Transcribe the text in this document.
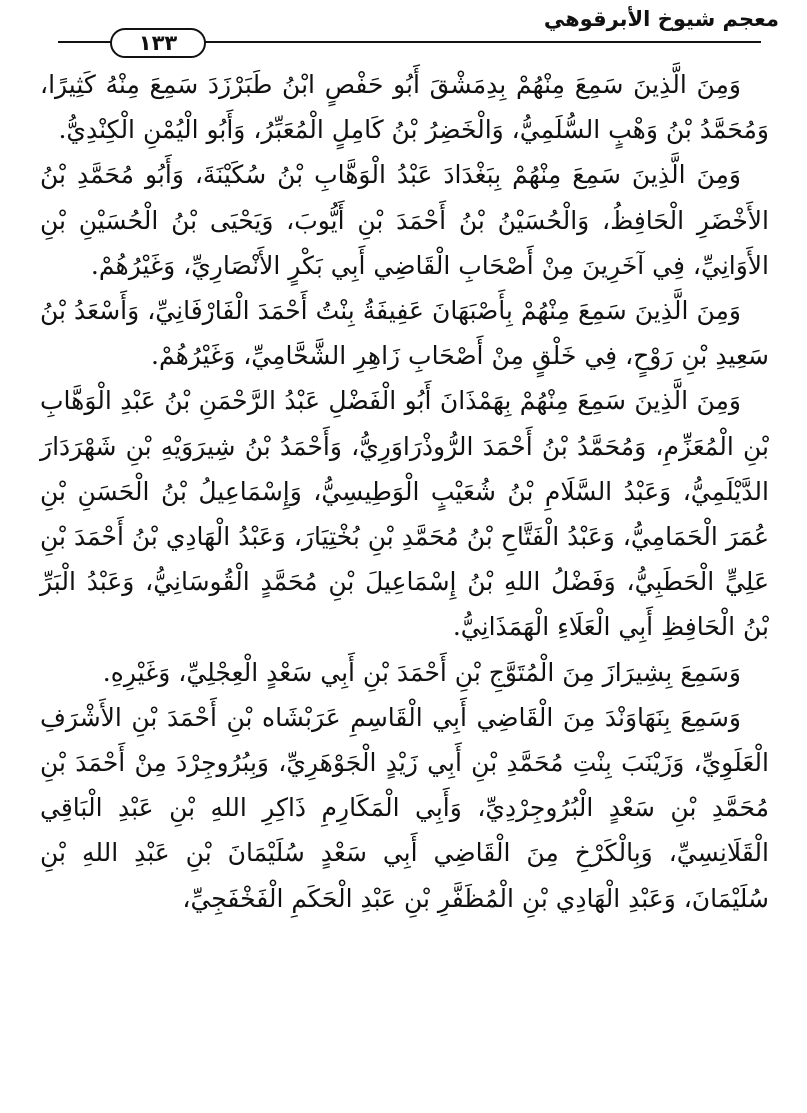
معجم شيوخ الأبرقوهي
١٣٣

وَمِنَ الَّذِينَ سَمِعَ مِنْهُمْ بِدِمَشْقَ أَبُو حَفْصٍ ابْنُ طَبَرْزَدَ سَمِعَ مِنْهُ كَثِيرًا، وَمُحَمَّدُ بْنُ وَهْبٍ السُّلَمِيُّ، وَالْخَضِرُ بْنُ كَامِلٍ الْمُعَبِّرُ، وَأَبُو الْيُمْنِ الْكِنْدِيُّ.

وَمِنَ الَّذِينَ سَمِعَ مِنْهُمْ بِبَغْدَادَ عَبْدُ الْوَهَّابِ بْنُ سُكَيْنَةَ، وَأَبُو مُحَمَّدِ بْنُ الأَخْضَرِ الْحَافِظُ، وَالْحُسَيْنُ بْنُ أَحْمَدَ بْنِ أَيُّوبَ، وَيَحْيَى بْنُ الْحُسَيْنِ بْنِ الأَوَانِيِّ، فِي آخَرِينَ مِنْ أَصْحَابِ الْقَاضِي أَبِي بَكْرٍ الأَنْصَارِيِّ، وَغَيْرُهُمْ.

وَمِنَ الَّذِينَ سَمِعَ مِنْهُمْ بِأَصْبَهَانَ عَفِيفَةُ بِنْتُ أَحْمَدَ الْفَارْفَانِيِّ، وَأَسْعَدُ بْنُ سَعِيدِ بْنِ رَوْحٍ، فِي خَلْقٍ مِنْ أَصْحَابِ زَاهِرِ الشَّحَّامِيِّ، وَغَيْرُهُمْ.

وَمِنَ الَّذِينَ سَمِعَ مِنْهُمْ بِهَمْذَانَ أَبُو الْفَضْلِ عَبْدُ الرَّحْمَنِ بْنُ عَبْدِ الْوَهَّابِ بْنِ الْمُعَزِّمِ، وَمُحَمَّدُ بْنُ أَحْمَدَ الرُّوذْرَاوَرِيُّ، وَأَحْمَدُ بْنُ شِيرَوَيْهِ بْنِ شَهْرَدَارَ الدَّيْلَمِيُّ، وَعَبْدُ السَّلَامِ بْنُ شُعَيْبٍ الْوَطِيسِيُّ، وَإِسْمَاعِيلُ بْنُ الْحَسَنِ بْنِ عُمَرَ الْحَمَامِيُّ، وَعَبْدُ الْفَتَّاحِ بْنُ مُحَمَّدِ بْنِ بُخْتِيَارَ، وَعَبْدُ الْهَادِي بْنُ أَحْمَدَ بْنِ عَلِيٍّ الْحَطَبِيُّ، وَفَضْلُ اللهِ بْنُ إِسْمَاعِيلَ بْنِ مُحَمَّدٍ الْقُوسَانِيُّ، وَعَبْدُ الْبَرِّ بْنُ الْحَافِظِ أَبِي الْعَلَاءِ الْهَمَذَانِيُّ.

وَسَمِعَ بِشِيرَازَ مِنَ الْمُتَوَّجِ بْنِ أَحْمَدَ بْنِ أَبِي سَعْدٍ الْعِجْلِيِّ، وَغَيْرِهِ.

وَسَمِعَ بِنَهَاوَنْدَ مِنَ الْقَاضِي أَبِي الْقَاسِمِ عَرَبْشَاه بْنِ أَحْمَدَ بْنِ الأَشْرَفِ الْعَلَوِيِّ، وَزَيْنَبَ بِنْتِ مُحَمَّدِ بْنِ أَبِي زَيْدٍ الْجَوْهَرِيِّ، وَبِبُرُوجِرْدَ مِنْ أَحْمَدَ بْنِ مُحَمَّدِ بْنِ سَعْدٍ الْبُرُوجِرْدِيِّ، وَأَبِي الْمَكَارِمِ ذَاكِرِ اللهِ بْنِ عَبْدِ الْبَاقِي الْقَلَانِسِيِّ، وَبِالْكَرْخِ مِنَ الْقَاضِي أَبِي سَعْدٍ سُلَيْمَانَ بْنِ عَبْدِ اللهِ بْنِ سُلَيْمَانَ، وَعَبْدِ الْهَادِي بْنِ الْمُظَفَّرِ بْنِ عَبْدِ الْحَكَمِ الْفَخْفَجِيِّ،
